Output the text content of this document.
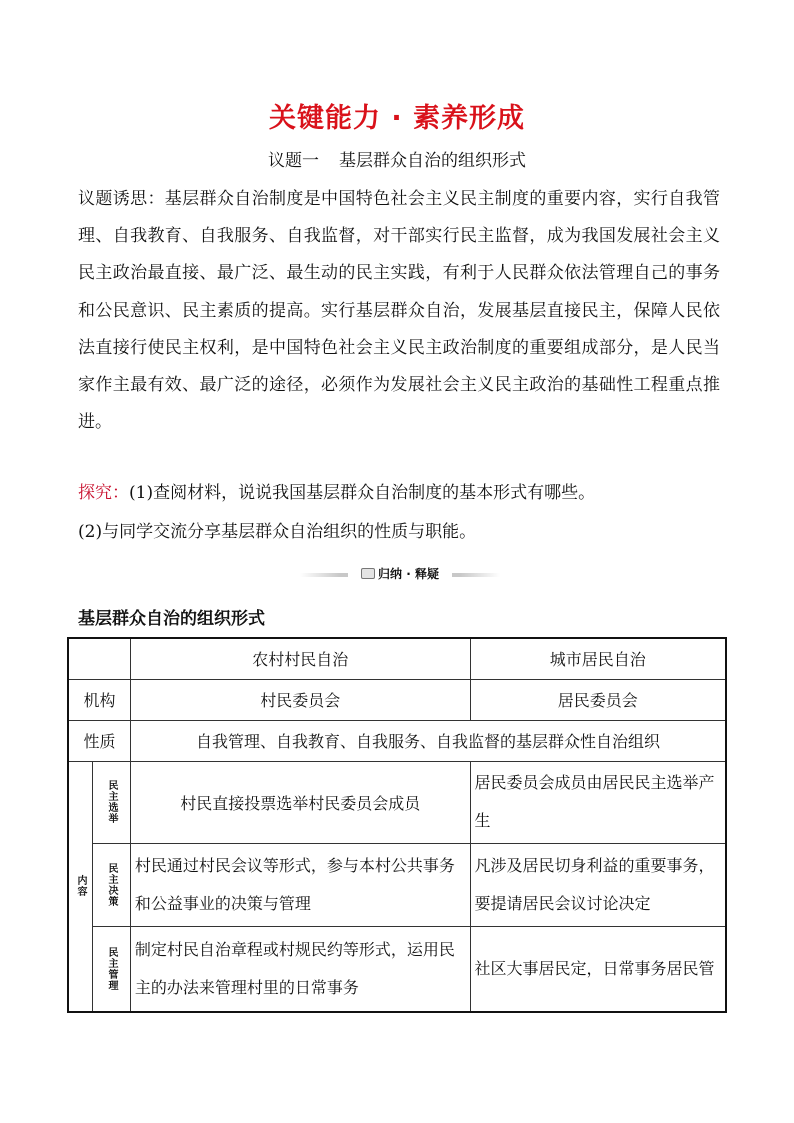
关键能力 · 素养形成
议题一 基层群众自治的组织形式
议题诱思：基层群众自治制度是中国特色社会主义民主制度的重要内容，实行自我管理、自我教育、自我服务、自我监督，对干部实行民主监督，成为我国发展社会主义民主政治最直接、最广泛、最生动的民主实践，有利于人民群众依法管理自己的事务和公民意识、民主素质的提高。实行基层群众自治，发展基层直接民主，保障人民依法直接行使民主权利，是中国特色社会主义民主政治制度的重要组成部分，是人民当家作主最有效、最广泛的途径，必须作为发展社会主义民主政治的基础性工程重点推进。
探究：(1)查阅材料，说说我国基层群众自治制度的基本形式有哪些。
(2)与同学交流分享基层群众自治组织的性质与职能。
归纳 · 释疑
基层群众自治的组织形式
		农村村民自治	城市居民自治
机构		村民委员会	居民委员会
性质		自我管理、自我教育、自我服务、自我监督的基层群众性自治组织	

内容	民主选举	村民直接投票选举村民委员会成员	居民委员会成员由居民民主选举产生

	民主决策	村民通过村民会议等形式，参与本村公共事务和公益事业的决策与管理	凡涉及居民切身利益的重要事务，要提请居民会议讨论决定

	民主管理	制定村民自治章程或村规民约等形式，运用民主的办法来管理村里的日常事务	社区大事居民定，日常事务居民管
